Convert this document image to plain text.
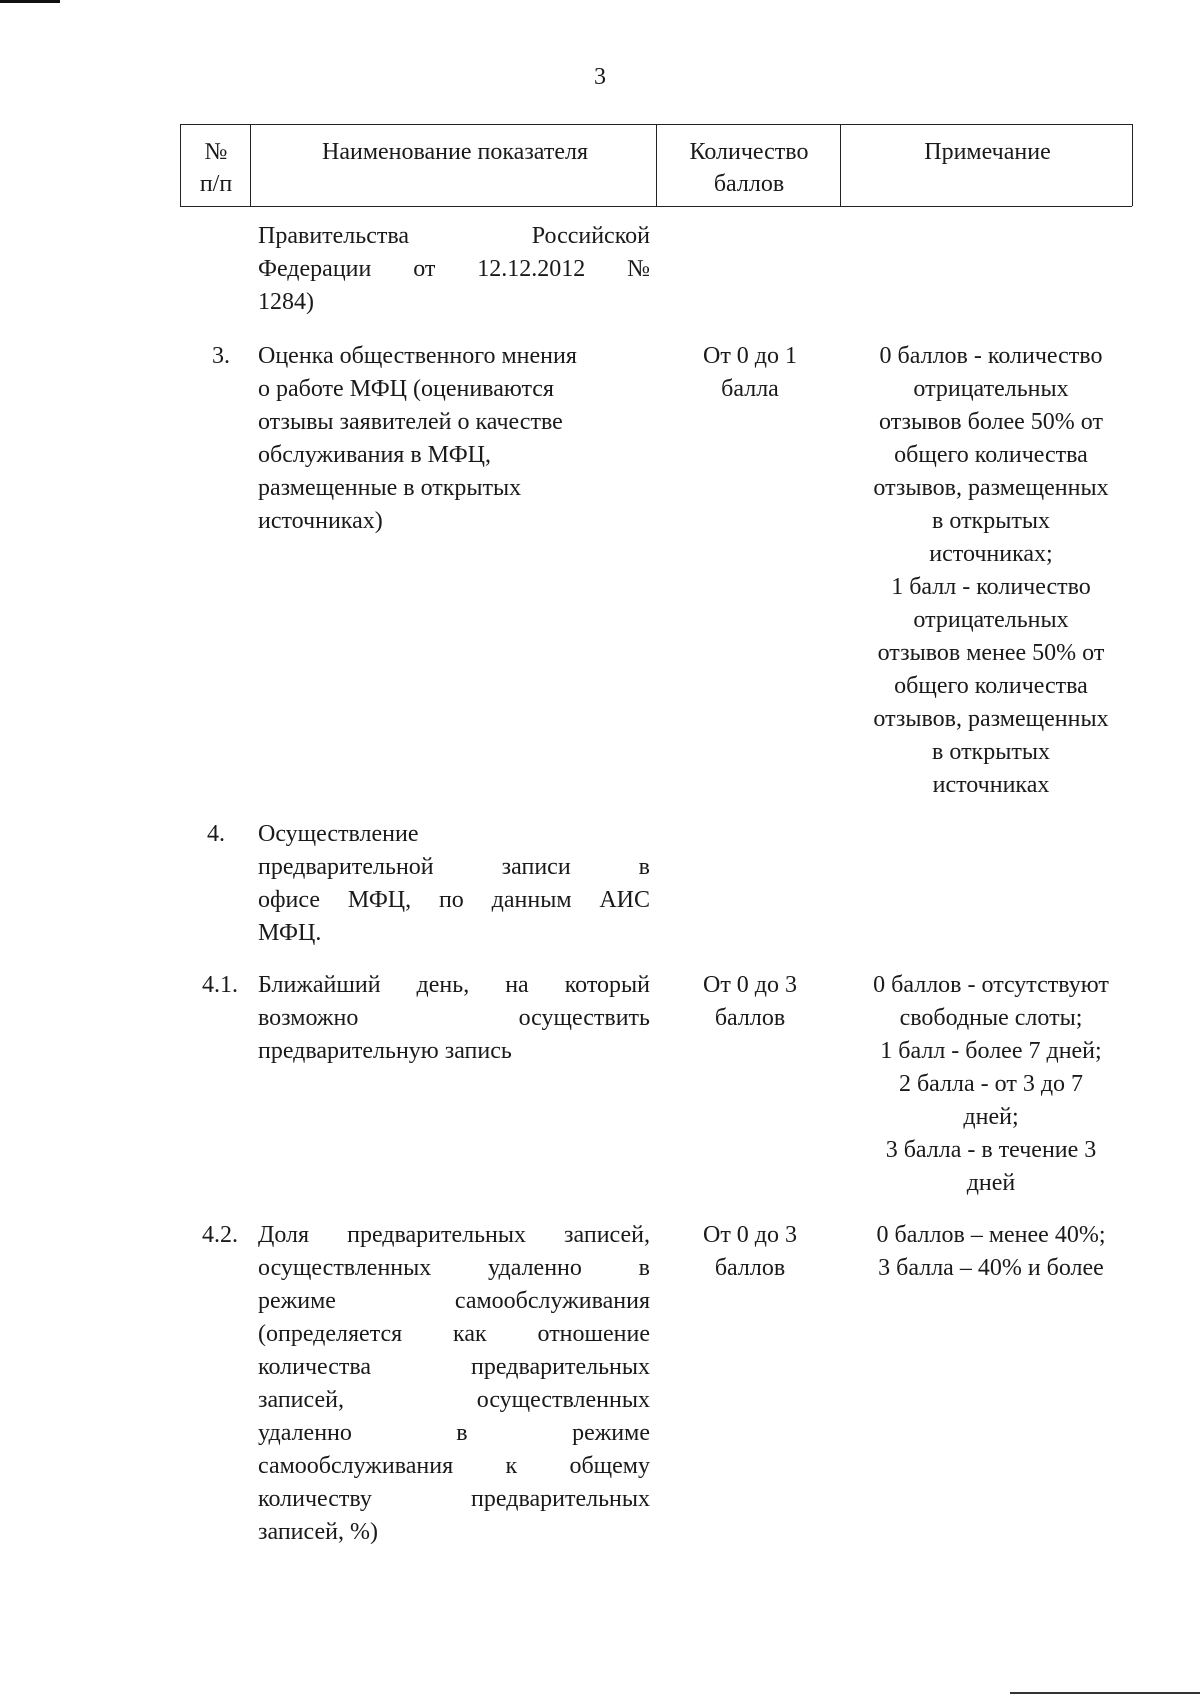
3
№ п/п
Наименование показателя	Количество баллов
Примечание
Правительства Российской
Федерации от 12.12.2012 №
1284)
3. Оценка общественного мнения
о работе МФЦ (оцениваются
отзывы заявителей о качестве
обслуживания в МФЦ,
размещенные в открытых
источниках)
От 0 до 1
балла
0 баллов - количество
отрицательных
отзывов более 50% от
общего количества
отзывов, размещенных
в открытых
источниках;
1 балл - количество
отрицательных
отзывов менее 50% от
общего количества
отзывов, размещенных
в открытых
источниках
4. Осуществление
предварительной записи в
офисе МФЦ, по данным АИС
МФЦ.
4.1. Ближайший день, на который
возможно осуществить
предварительную запись
От 0 до 3
баллов
0 баллов - отсутствуют
свободные слоты;
1 балл - более 7 дней;
2 балла - от 3 до 7
дней;
3 балла - в течение 3
дней
4.2. Доля предварительных записей,
осуществленных удаленно в
режиме самообслуживания
(определяется как отношение
количества предварительных
записей, осуществленных
удаленно в режиме
самообслуживания к общему
количеству предварительных
записей, %)
От 0 до 3
баллов
0 баллов – менее 40%;
3 балла – 40% и более
